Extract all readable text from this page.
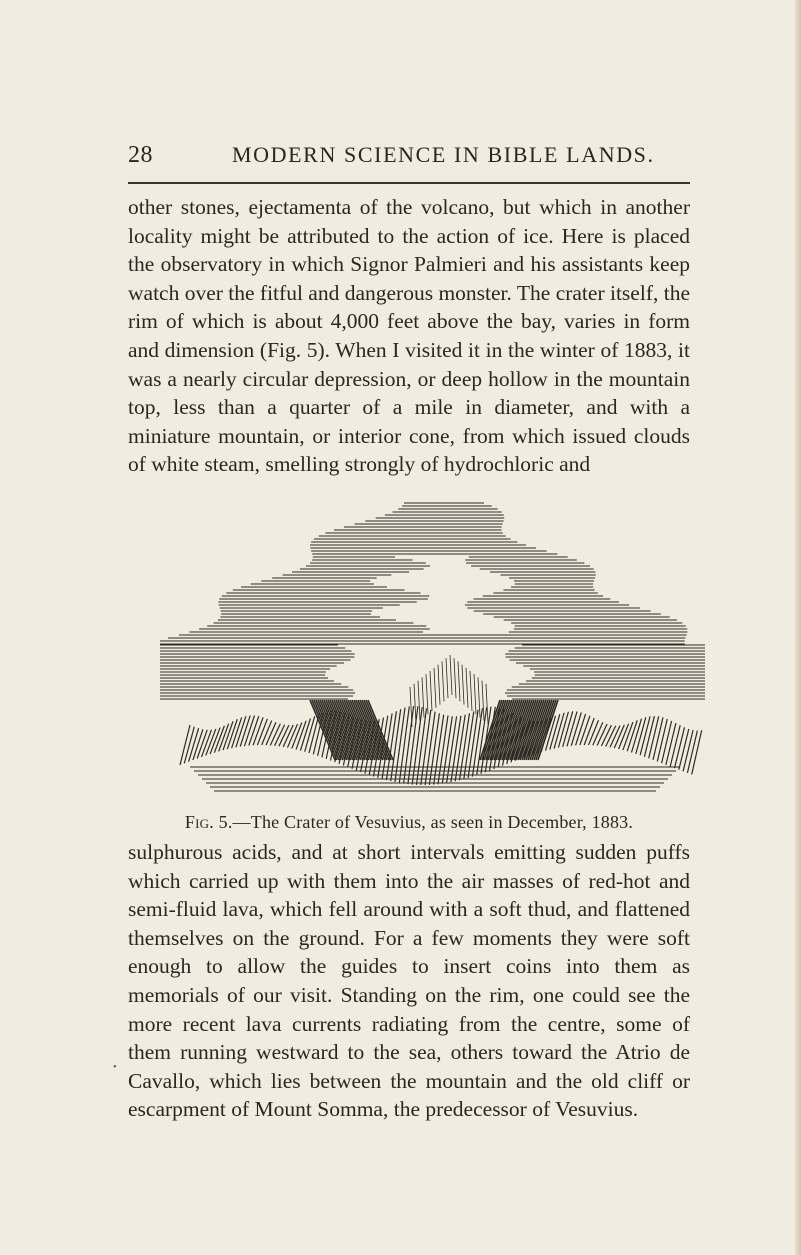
28	MODERN SCIENCE IN BIBLE LANDS.

other stones, ejectamenta of the volcano, but which in another locality might be attributed to the action of ice. Here is placed the observatory in which Signor Palmieri and his assistants keep watch over the fitful and dangerous monster. The crater itself, the rim of which is about 4,000 feet above the bay, varies in form and dimension (Fig. 5). When I visited it in the winter of 1883, it was a nearly circular depression, or deep hollow in the mountain top, less than a quarter of a mile in diameter, and with a miniature mountain, or interior cone, from which issued clouds of white steam, smelling strongly of hydrochloric and

Fig. 5.—The Crater of Vesuvius, as seen in December, 1883.

sulphurous acids, and at short intervals emitting sudden puffs which carried up with them into the air masses of red-hot and semi-fluid lava, which fell around with a soft thud, and flattened themselves on the ground. For a few moments they were soft enough to allow the guides to insert coins into them as memorials of our visit. Standing on the rim, one could see the more recent lava currents radiating from the centre, some of them running westward to the sea, others toward the Atrio de Cavallo, which lies between the mountain and the old cliff or escarpment of Mount Somma, the predecessor of Vesuvius.

•
